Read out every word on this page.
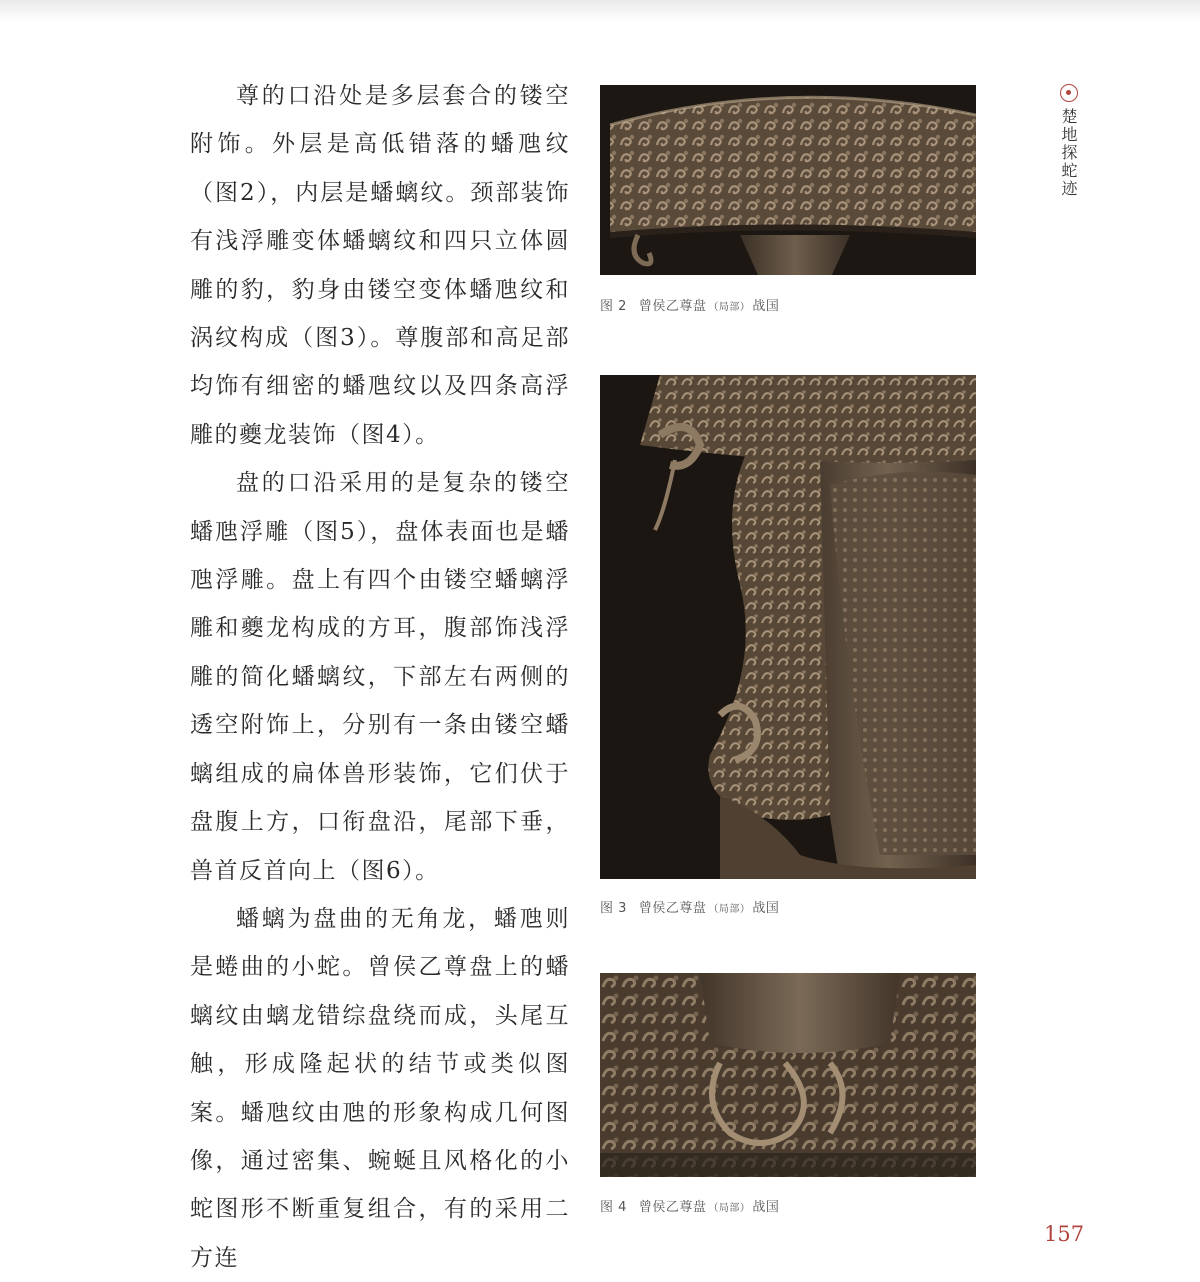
尊的口沿处是多层套合的镂空附饰。外层是高低错落的蟠虺纹（图2），内层是蟠螭纹。颈部装饰有浅浮雕变体蟠螭纹和四只立体圆雕的豹，豹身由镂空变体蟠虺纹和涡纹构成（图3）。尊腹部和高足部均饰有细密的蟠虺纹以及四条高浮雕的夔龙装饰（图4）。

盘的口沿采用的是复杂的镂空蟠虺浮雕（图5），盘体表面也是蟠虺浮雕。盘上有四个由镂空蟠螭浮雕和夔龙构成的方耳，腹部饰浅浮雕的简化蟠螭纹，下部左右两侧的透空附饰上，分别有一条由镂空蟠螭组成的扁体兽形装饰，它们伏于盘腹上方，口衔盘沿，尾部下垂，兽首反首向上（图6）。

蟠螭为盘曲的无角龙，蟠虺则是蜷曲的小蛇。曾侯乙尊盘上的蟠螭纹由螭龙错综盘绕而成，头尾互触，形成隆起状的结节或类似图案。蟠虺纹由虺的形象构成几何图像，通过密集、蜿蜒且风格化的小蛇图形不断重复组合，有的采用二方连

图 2 曾侯乙尊盘 （局部） 战国
图 3 曾侯乙尊盘 （局部） 战国
图 4 曾侯乙尊盘 （局部） 战国
楚地探蛇迹
157
